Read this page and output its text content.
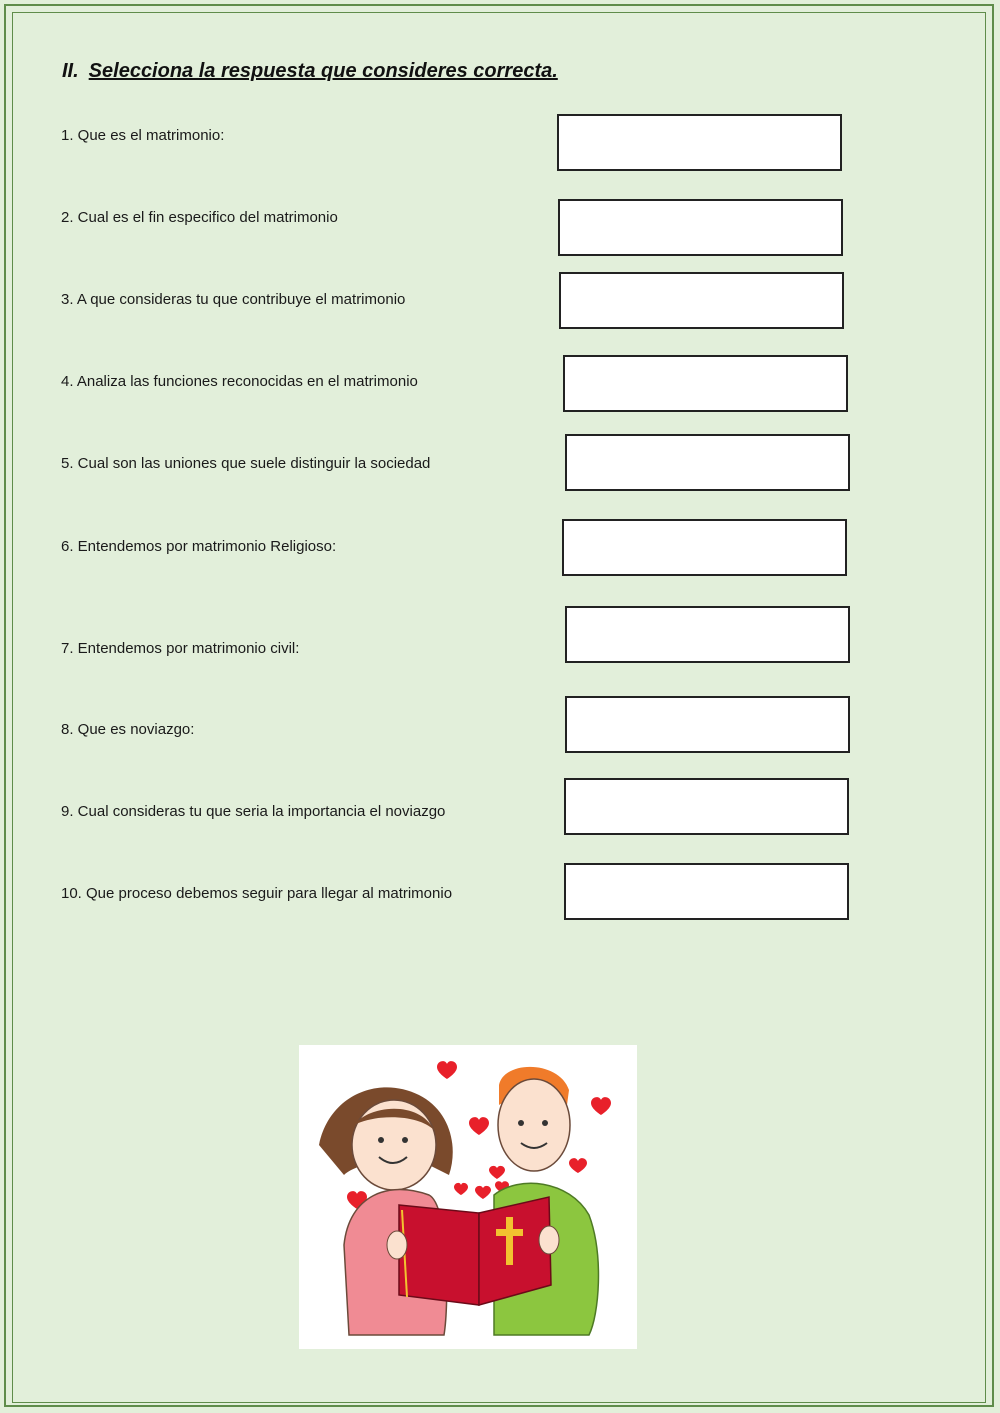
II. Selecciona la respuesta que consideres correcta.
1. Que es el matrimonio:
2. Cual es el fin especifico del matrimonio
3. A que consideras tu que contribuye el matrimonio
4. Analiza las funciones reconocidas en el matrimonio
5. Cual son las uniones que suele distinguir la sociedad
6. Entendemos por matrimonio Religioso:
7. Entendemos por matrimonio civil:
8. Que es noviazgo:
9. Cual consideras tu que seria la importancia el noviazgo
10. Que proceso debemos seguir para llegar al matrimonio
